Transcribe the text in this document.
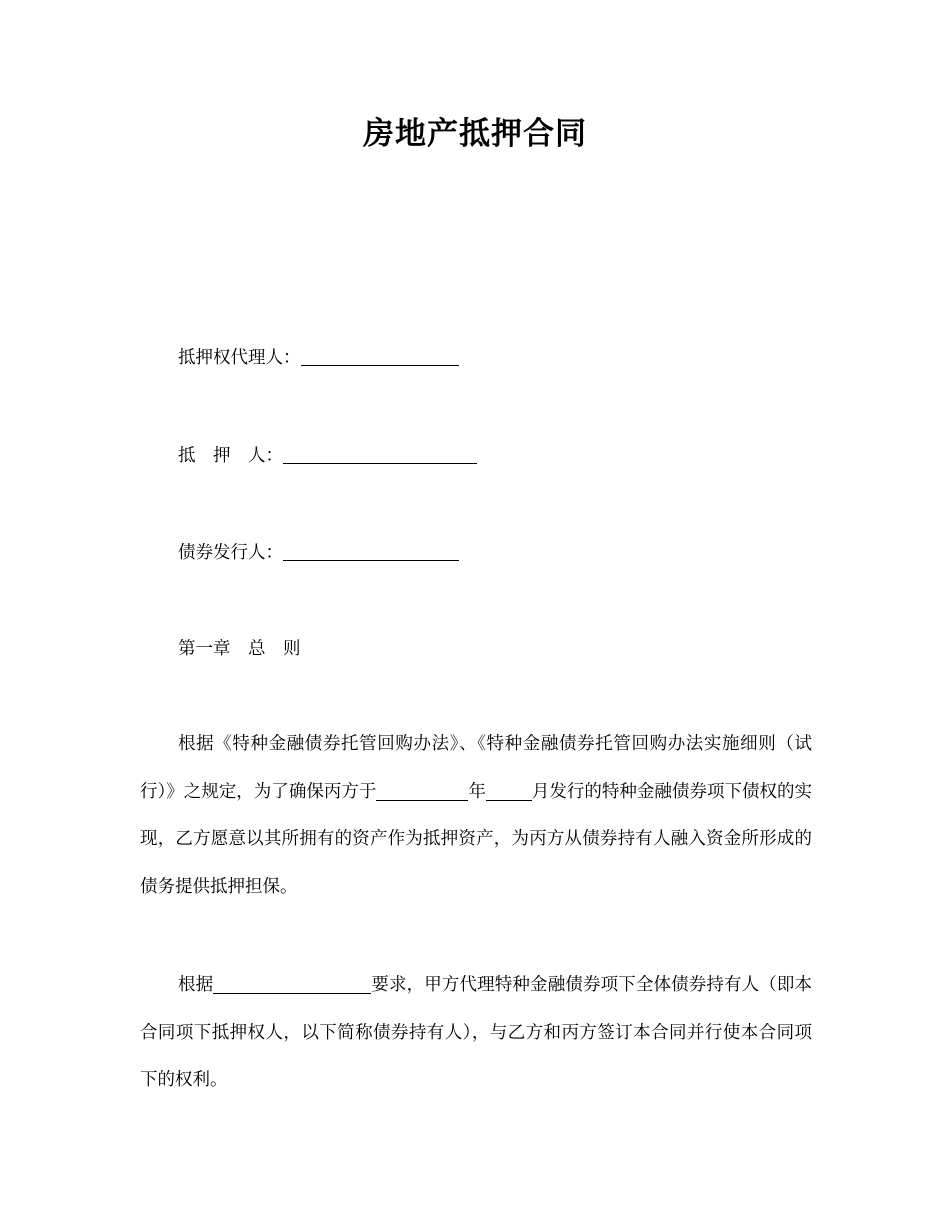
房地产抵押合同
抵押权代理人：
抵　押　人：
债券发行人：
第一章　总　则
根据《特种金融债券托管回购办法》、《特种金融债券托管回购办法实施细则（试行）》之规定，为了确保丙方于	年	月发行的特种金融债券项下债权的实现，乙方愿意以其所拥有的资产作为抵押资产，为丙方从债券持有人融入资金所形成的债务提供抵押担保。
根据	要求，甲方代理特种金融债券项下全体债券持有人（即本合同项下抵押权人，以下简称债券持有人），与乙方和丙方签订本合同并行使本合同项下的权利。
